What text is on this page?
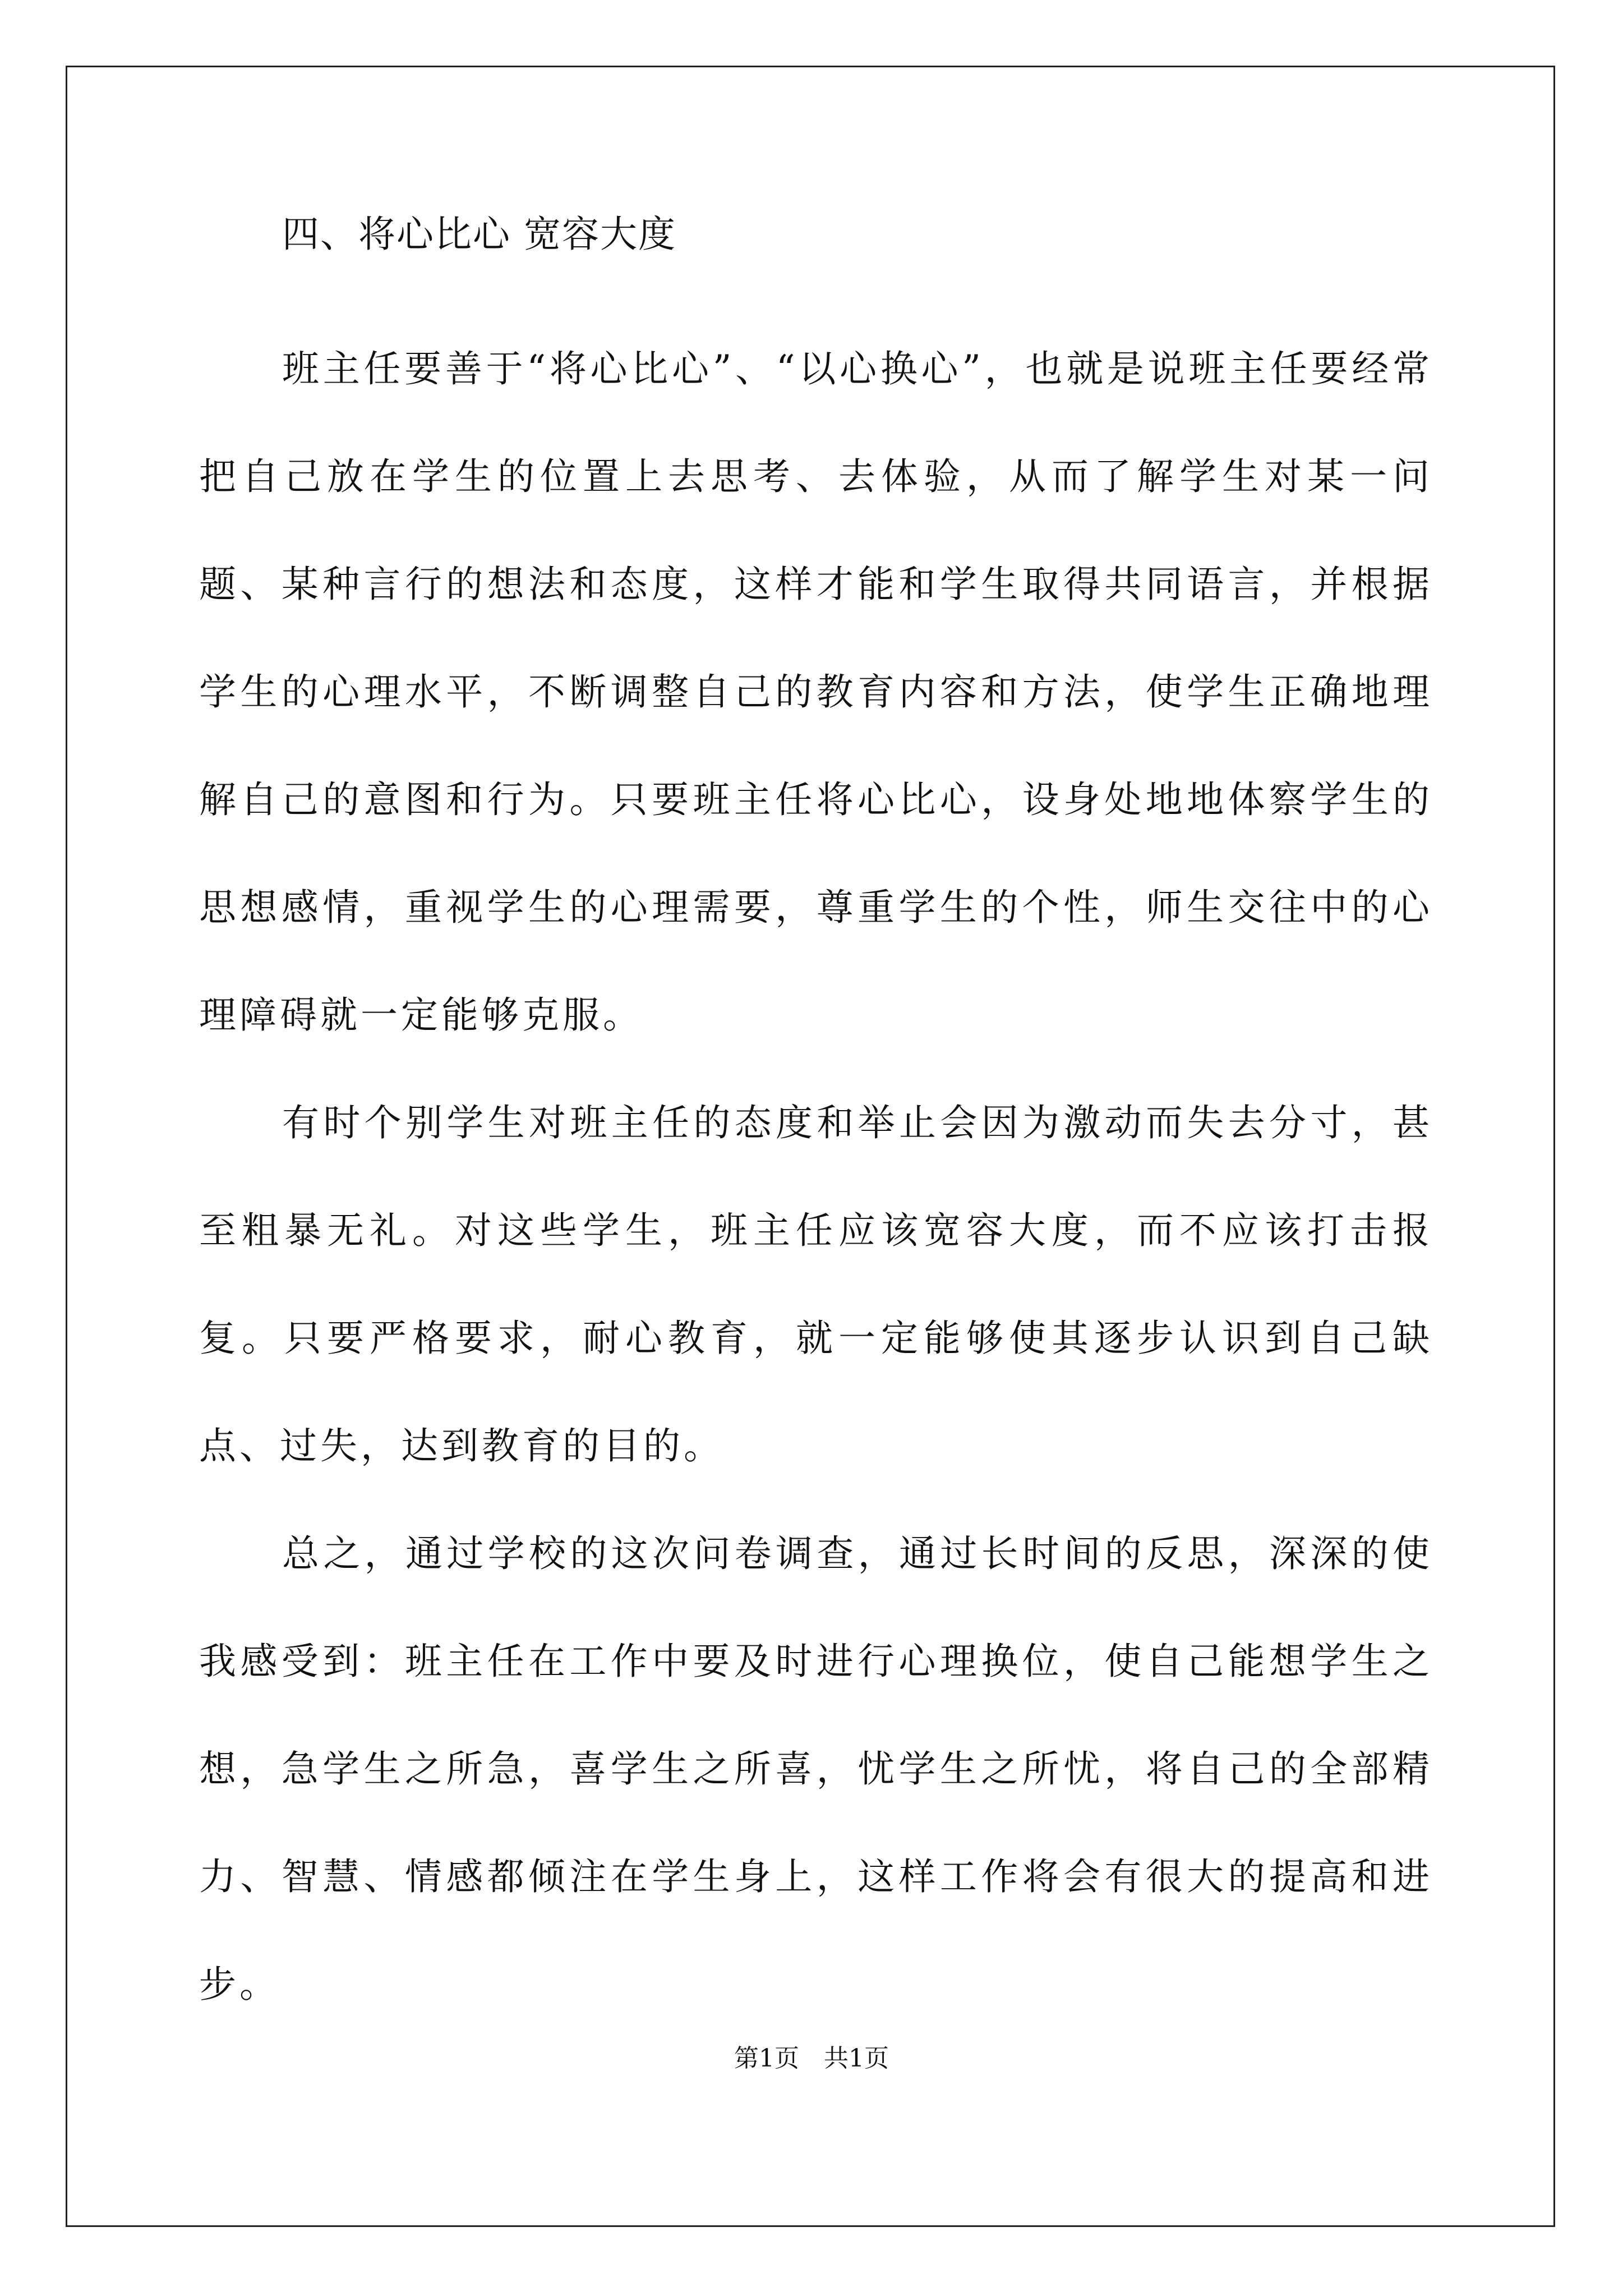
四、将心比心 宽容大度

班主任要善于“将心比心”、“以心换心”，也就是说班主任要经常把自己放在学生的位置上去思考、去体验，从而了解学生对某一问题、某种言行的想法和态度，这样才能和学生取得共同语言，并根据学生的心理水平，不断调整自己的教育内容和方法，使学生正确地理解自己的意图和行为。只要班主任将心比心，设身处地地体察学生的思想感情，重视学生的心理需要，尊重学生的个性，师生交往中的心理障碍就一定能够克服。

有时个别学生对班主任的态度和举止会因为激动而失去分寸，甚至粗暴无礼。对这些学生，班主任应该宽容大度，而不应该打击报复。只要严格要求，耐心教育，就一定能够使其逐步认识到自己缺点、过失，达到教育的目的。

总之，通过学校的这次问卷调查，通过长时间的反思，深深的使我感受到：班主任在工作中要及时进行心理换位，使自己能想学生之想，急学生之所急，喜学生之所喜，忧学生之所忧，将自己的全部精力、智慧、情感都倾注在学生身上，这样工作将会有很大的提高和进步。

第1页　共1页
